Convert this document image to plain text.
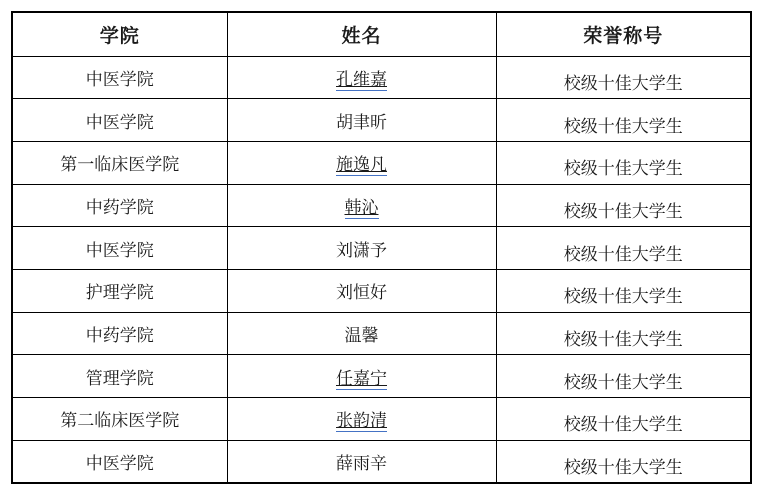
学院	姓名	荣誉称号
中医学院	孔维嘉	校级十佳大学生
中医学院	胡聿昕	校级十佳大学生
第一临床医学院	施逸凡	校级十佳大学生
中药学院	韩沁	校级十佳大学生
中医学院	刘潇予	校级十佳大学生
护理学院	刘恒好	校级十佳大学生
中药学院	温馨	校级十佳大学生
管理学院	任嘉宁	校级十佳大学生
第二临床医学院	张韵清	校级十佳大学生
中医学院	薛雨辛	校级十佳大学生
